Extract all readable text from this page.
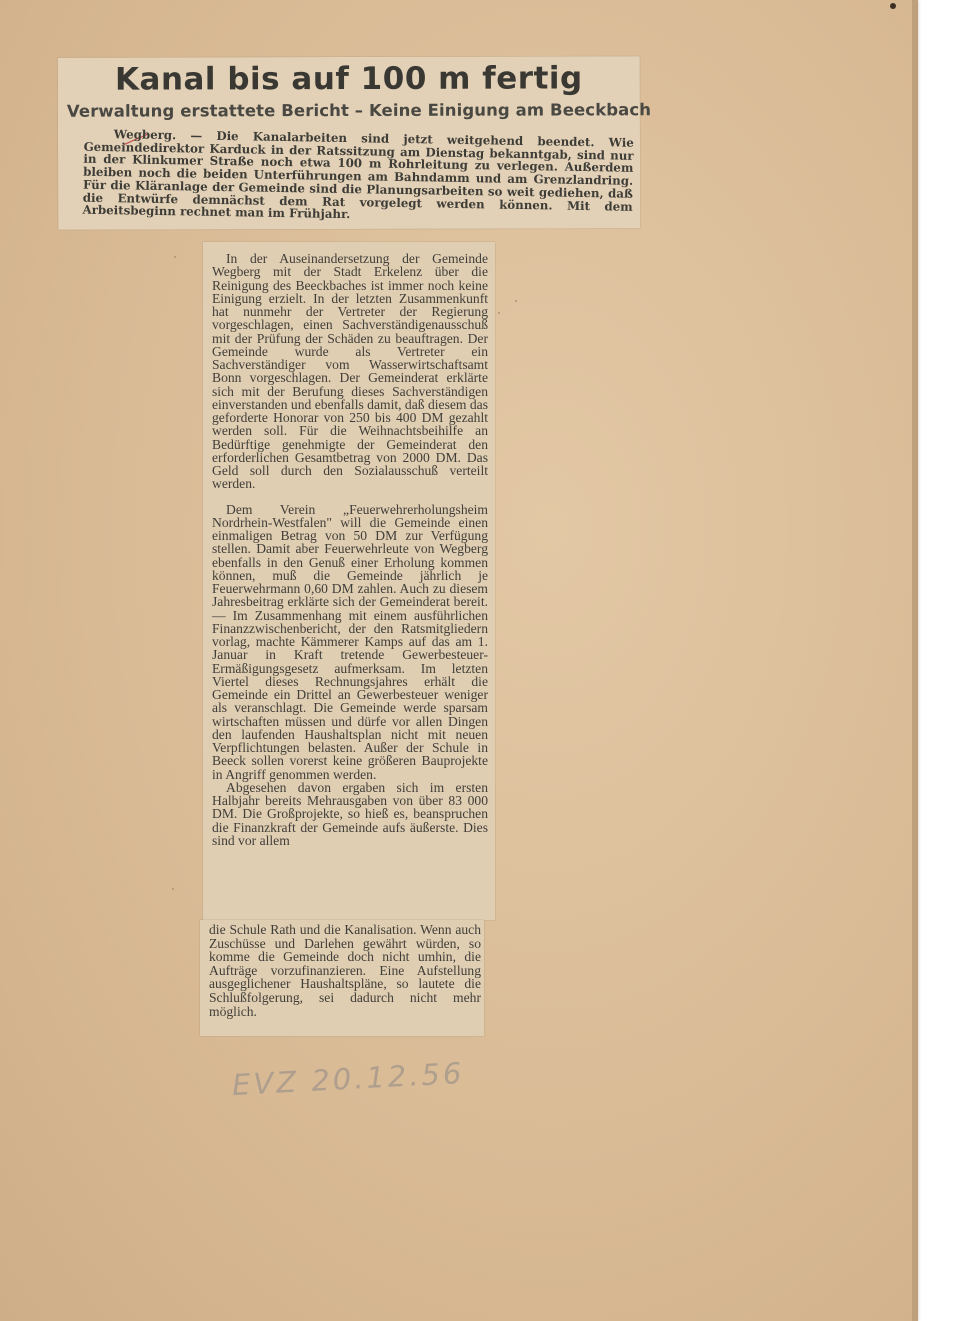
Kanal bis auf 100 m fertig
Verwaltung erstattete Bericht – Keine Einigung am Beeckbach

Wegberg. — Die Kanalarbeiten sind jetzt weitgehend beendet. Wie Gemeindedirektor Karduck in der Ratssitzung am Dienstag bekanntgab, sind nur in der Klinkumer Straße noch etwa 100 m Rohrleitung zu verlegen. Außerdem bleiben noch die beiden Unterführungen am Bahndamm und am Grenzlandring. Für die Kläranlage der Gemeinde sind die Planungsarbeiten so weit gediehen, daß die Entwürfe demnächst dem Rat vorgelegt werden können. Mit dem Arbeitsbeginn rechnet man im Frühjahr.

In der Auseinandersetzung der Gemeinde Wegberg mit der Stadt Erkelenz über die Reinigung des Beeckbaches ist immer noch keine Einigung erzielt. In der letzten Zusammenkunft hat nunmehr der Vertreter der Regierung vorgeschlagen, einen Sachverständigenausschuß mit der Prüfung der Schäden zu beauftragen. Der Gemeinde wurde als Vertreter ein Sachverständiger vom Wasserwirtschaftsamt Bonn vorgeschlagen. Der Gemeinderat erklärte sich mit der Berufung dieses Sachverständigen einverstanden und ebenfalls damit, daß diesem das geforderte Honorar von 250 bis 400 DM gezahlt werden soll. Für die Weihnachtsbeihilfe an Bedürftige genehmigte der Gemeinderat den erforderlichen Gesamtbetrag von 2000 DM. Das Geld soll durch den Sozialausschuß verteilt werden.

Dem Verein „Feuerwehrerholungsheim Nordrhein-Westfalen" will die Gemeinde einen einmaligen Betrag von 50 DM zur Verfügung stellen. Damit aber Feuerwehrleute von Wegberg ebenfalls in den Genuß einer Erholung kommen können, muß die Gemeinde jährlich je Feuerwehrmann 0,60 DM zahlen. Auch zu diesem Jahresbeitrag erklärte sich der Gemeinderat bereit. — Im Zusammenhang mit einem ausführlichen Finanzzwischenbericht, der den Ratsmitgliedern vorlag, machte Kämmerer Kamps auf das am 1. Januar in Kraft tretende Gewerbesteuer-Ermäßigungsgesetz aufmerksam. Im letzten Viertel dieses Rechnungsjahres erhält die Gemeinde ein Drittel an Gewerbesteuer weniger als veranschlagt. Die Gemeinde werde sparsam wirtschaften müssen und dürfe vor allen Dingen den laufenden Haushaltsplan nicht mit neuen Verpflichtungen belasten. Außer der Schule in Beeck sollen vorerst keine größeren Bauprojekte in Angriff genommen werden.

Abgesehen davon ergaben sich im ersten Halbjahr bereits Mehrausgaben von über 83 000 DM. Die Großprojekte, so hieß es, beanspruchen die Finanzkraft der Gemeinde aufs äußerste. Dies sind vor allem

die Schule Rath und die Kanalisation. Wenn auch Zuschüsse und Darlehen gewährt würden, so komme die Gemeinde doch nicht umhin, die Aufträge vorzufinanzieren. Eine Aufstellung ausgeglichener Haushaltspläne, so lautete die Schlußfolgerung, sei dadurch nicht mehr möglich.

EVZ 20.12.56
